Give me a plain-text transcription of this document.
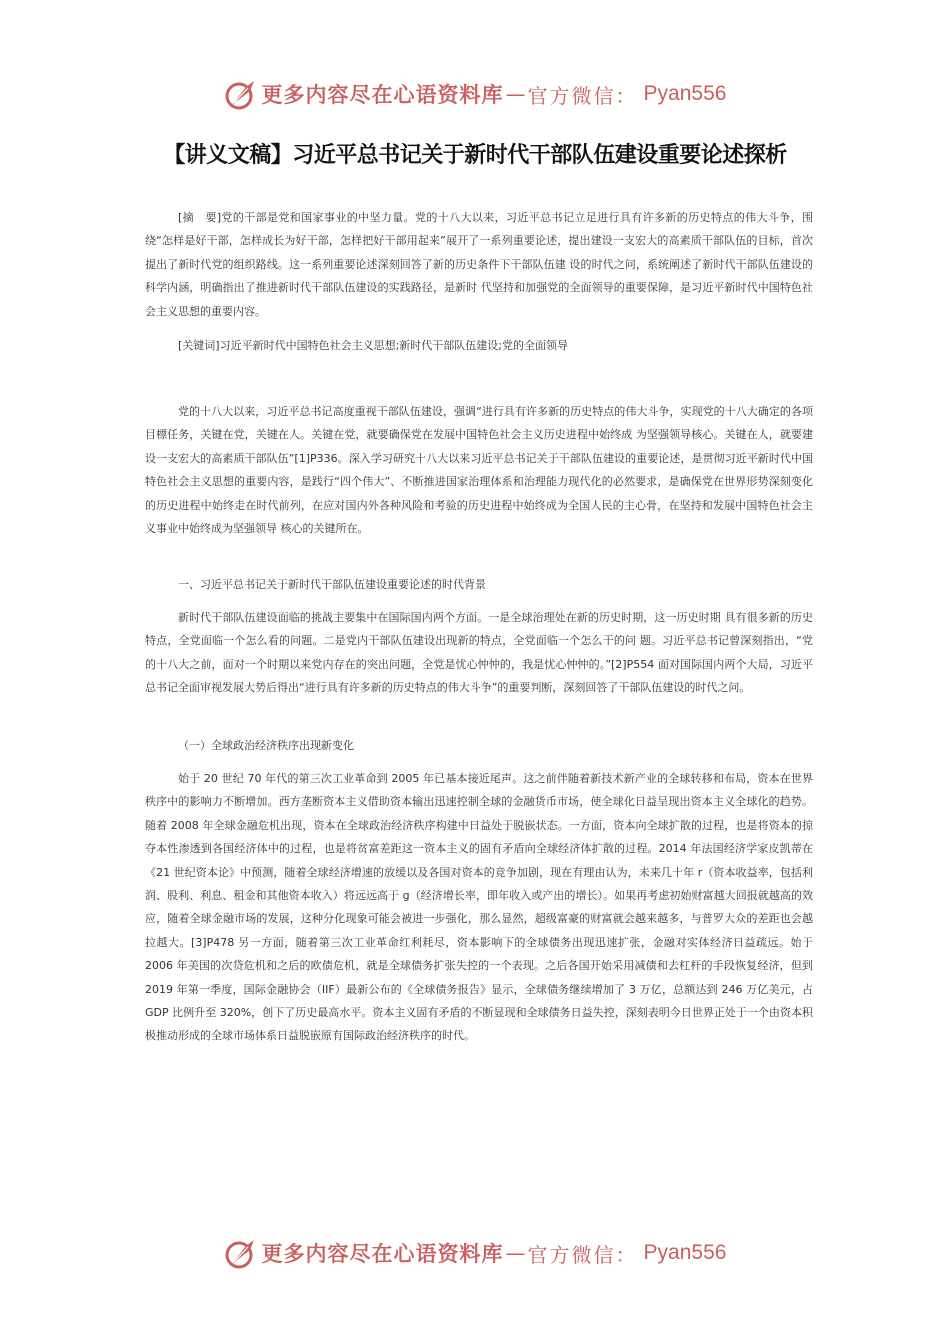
更多内容尽在心语资料库 — 官方微信： Pyan556
【讲义文稿】习近平总书记关于新时代干部队伍建设重要论述探析

[摘　要]党的干部是党和国家事业的中坚力量。党的十八大以来，习近平总书记立足进行具有许多新的历史特点的伟大斗争，围绕“怎样是好干部，怎样成长为好干部，怎样把好干部用起来”展开了一系列重要论述，提出建设一支宏大的高素质干部队伍的目标，首次提出了新时代党的组织路线。这一系列重要论述深刻回答了新的历史条件下干部队伍建 设的时代之问，系统阐述了新时代干部队伍建设的科学内涵，明确指出了推进新时代干部队伍建设的实践路径，是新时 代坚持和加强党的全面领导的重要保障，是习近平新时代中国特色社会主义思想的重要内容。

[关键词]习近平新时代中国特色社会主义思想;新时代干部队伍建设;党的全面领导

党的十八大以来，习近平总书记高度重视干部队伍建设，强调“进行具有许多新的历史特点的伟大斗争，实现党的十八大确定的各项目標任务，关键在党，关键在人。关键在党，就要确保党在发展中国特色社会主义历史进程中始终成 为坚强领导核心。关键在人，就要建设一支宏大的高素质干部队伍”[1]P336。深入学习研究十八大以来习近平总书记关于干部队伍建设的重要论述，是贯彻习近平新时代中国特色社会主义思想的重要内容，是践行“四个伟大”、不断推进国家治理体系和治理能力现代化的必然要求，是确保党在世界形势深刻变化的历史进程中始终走在时代前列，在应对国内外各种风险和考验的历史进程中始终成为全国人民的主心骨，在坚持和发展中国特色社会主义事业中始终成为坚强领导 核心的关键所在。

一、习近平总书记关于新时代干部队伍建设重要论述的时代背景

新时代干部队伍建设面临的挑战主要集中在国际国内两个方面。一是全球治理处在新的历史时期，这一历史时期 具有很多新的历史特点，全党面临一个怎么看的问题。二是党内干部队伍建设出现新的特点，全党面临一个怎么干的问 题。习近平总书记曾深刻指出，“党的十八大之前，面对一个时期以来党内存在的突出问题，全党是忧心忡忡的，我是忧心忡忡的。”[2]P554 面对国际国内两个大局，习近平总书记全面审视发展大势后得出“进行具有许多新的历史特点的伟大斗争”的重要判断，深刻回答了干部队伍建设的时代之问。

（一）全球政治经济秩序出现新变化

始于 20 世纪 70 年代的第三次工业革命到 2005 年已基本接近尾声。这之前伴随着新技术新产业的全球转移和布局，资本在世界秩序中的影响力不断增加。西方垄断资本主义借助资本输出迅速控制全球的金融货币市场，使全球化日益呈现出资本主义全球化的趋势。随着 2008 年全球金融危机出现，资本在全球政治经济秩序构建中日益处于脱嵌状态。一方面，资本向全球扩散的过程，也是将资本的掠夺本性渗透到各国经济体中的过程，也是将贫富差距这一资本主义的固有矛盾向全球经济体扩散的过程。2014 年法国经济学家皮凯蒂在《21 世纪资本论》中预测，随着全球经济增速的放缓以及各国对资本的竞争加剧，现在有理由认为，未来几十年 r（资本收益率，包括利润、股利、利息、租金和其他资本收入）将远远高于 g（经济增长率，即年收入或产出的增长）。如果再考虑初始财富越大回报就越高的效应，随着全球金融市场的发展，这种分化现象可能会被进一步强化，那么显然，超级富豪的财富就会越来越多，与普罗大众的差距也会越拉越大。[3]P478 另一方面，随着第三次工业革命红利耗尽，资本影响下的全球债务出现迅速扩张，金融对实体经济日益疏远。始于 2006 年美国的次贷危机和之后的欧债危机，就是全球债务扩张失控的一个表现。之后各国开始采用减债和去杠杆的手段恢复经济，但到 2019 年第一季度，国际金融协会（IIF）最新公布的《全球债务报告》显示，全球债务继续增加了 3 万亿，总额达到 246 万亿美元，占 GDP 比例升至 320%，创下了历史最高水平。资本主义固有矛盾的不断显现和全球债务日益失控，深刻表明今日世界正处于一个由资本积极推动形成的全球市场体系日益脱嵌原有国际政治经济秩序的时代。

更多内容尽在心语资料库 — 官方微信： Pyan556
